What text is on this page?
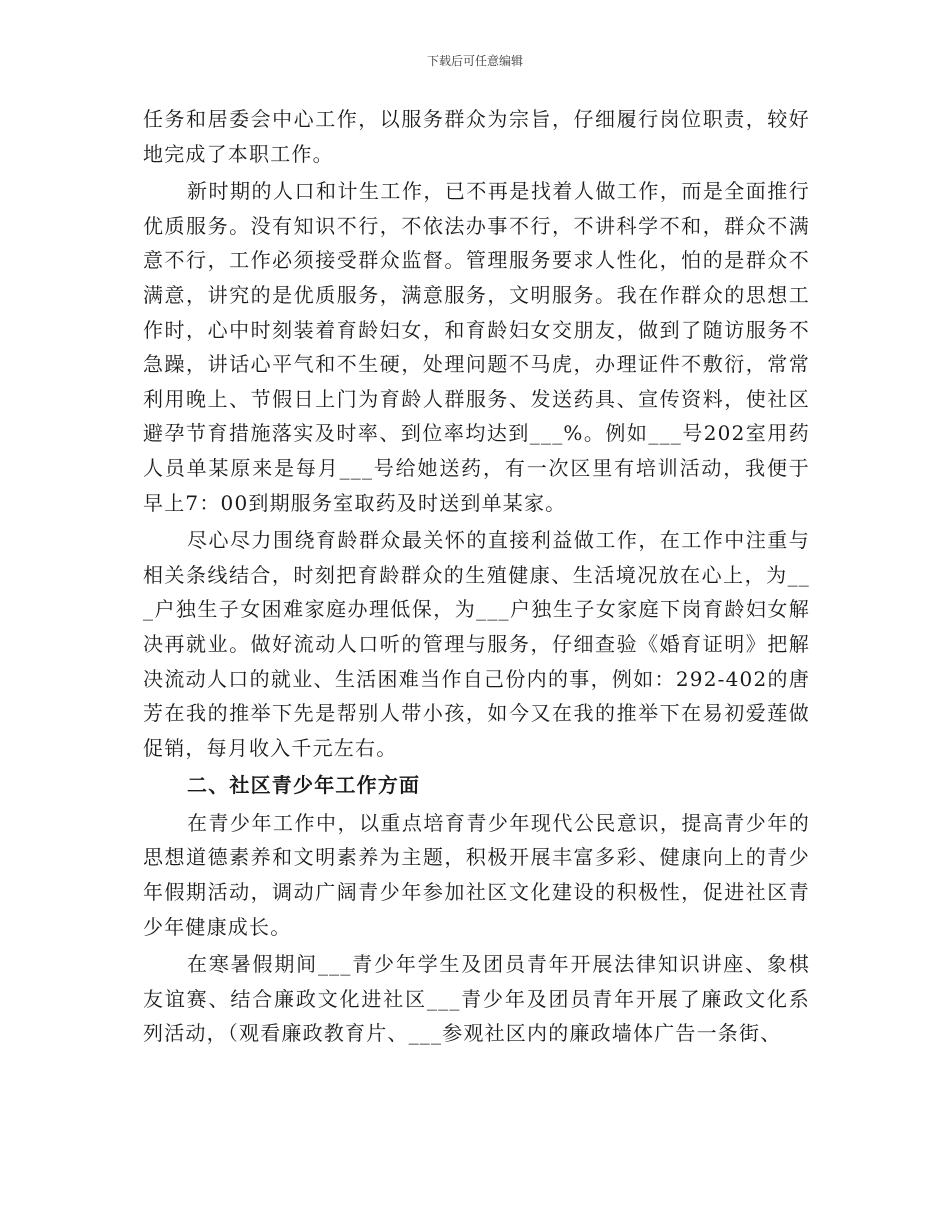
下载后可任意编辑

任务和居委会中心工作，以服务群众为宗旨，仔细履行岗位职责，较好地完成了本职工作。

新时期的人口和计生工作，已不再是找着人做工作，而是全面推行优质服务。没有知识不行，不依法办事不行，不讲科学不和，群众不满意不行，工作必须接受群众监督。管理服务要求人性化，怕的是群众不满意，讲究的是优质服务，满意服务，文明服务。我在作群众的思想工作时，心中时刻装着育龄妇女，和育龄妇女交朋友，做到了随访服务不急躁，讲话心平气和不生硬，处理问题不马虎，办理证件不敷衍，常常利用晚上、节假日上门为育龄人群服务、发送药具、宣传资料，使社区避孕节育措施落实及时率、到位率均达到___%。例如___号202室用药人员单某原来是每月___号给她送药，有一次区里有培训活动，我便于早上7：00到期服务室取药及时送到单某家。

尽心尽力围绕育龄群众最关怀的直接利益做工作，在工作中注重与相关条线结合，时刻把育龄群众的生殖健康、生活境况放在心上，为___户独生子女困难家庭办理低保，为___户独生子女家庭下岗育龄妇女解决再就业。做好流动人口听的管理与服务，仔细查验《婚育证明》把解决流动人口的就业、生活困难当作自己份内的事，例如：292-402的唐芳在我的推举下先是帮别人带小孩，如今又在我的推举下在易初爱莲做促销，每月收入千元左右。

二、社区青少年工作方面

在青少年工作中，以重点培育青少年现代公民意识，提高青少年的思想道德素养和文明素养为主题，积极开展丰富多彩、健康向上的青少年假期活动，调动广阔青少年参加社区文化建设的积极性，促进社区青少年健康成长。

在寒暑假期间___青少年学生及团员青年开展法律知识讲座、象棋友谊赛、结合廉政文化进社区___青少年及团员青年开展了廉政文化系列活动，（观看廉政教育片、___参观社区内的廉政墙体广告一条街、
